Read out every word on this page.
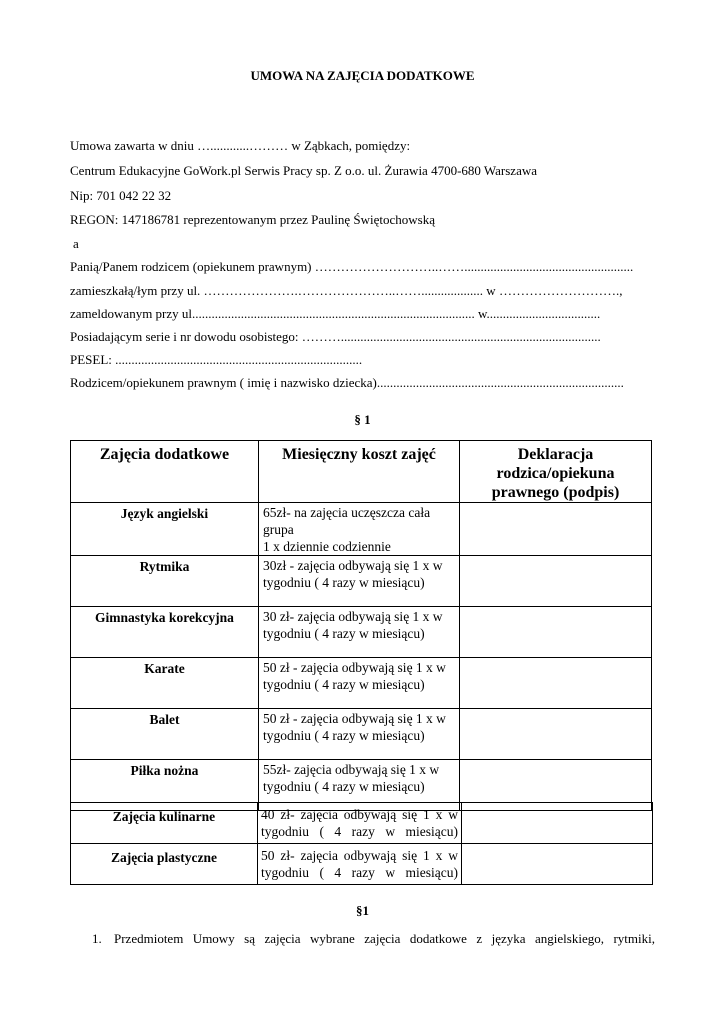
UMOWA NA ZAJĘCIA DODATKOWE
Umowa zawarta w dniu …............……… w Ząbkach, pomiędzy:
Centrum Edukacyjne GoWork.pl Serwis Pracy sp. Z o.o. ul. Żurawia 4700-680 Warszawa
Nip: 701 042 22 32
REGON: 147186781 reprezentowanym przez Paulinę Świętochowską
a
Panią/Panem rodzicem (opiekunem prawnym) ………………………..……....................................................
zamieszkałą/łym przy ul. ………………….…………………..……................... w ……………………….,
zameldowanym przy ul....................................................................................... w...................................
Posiadającym serie i nr dowodu osobistego: ………................................................................................
PESEL: ............................................................................
Rodzicem/opiekunem prawnym ( imię i nazwisko dziecka)............................................................................
§ 1
Zajęcia dodatkowe	Miesięczny koszt zajęć	Deklaracja rodzica/opiekuna prawnego (podpis)
Język angielski	65zł- na zajęcia uczęszcza cała grupa
1 x dziennie codziennie	
Rytmika	30zł - zajęcia odbywają się 1 x w tygodniu ( 4 razy w miesiącu)	
Gimnastyka korekcyjna	30 zł- zajęcia odbywają się 1 x w tygodniu ( 4 razy w miesiącu)	
Karate	50 zł - zajęcia odbywają się 1 x w tygodniu ( 4 razy w miesiącu)	
Balet	50 zł - zajęcia odbywają się 1 x w tygodniu ( 4 razy w miesiącu)	
Piłka nożna	55zł- zajęcia odbywają się 1 x w tygodniu ( 4 razy w miesiącu)	
Zajęcia kulinarne	40 zł- zajęcia odbywają się 1 x w tygodniu ( 4 razy w miesiącu)	
Zajęcia plastyczne	50 zł- zajęcia odbywają się 1 x w tygodniu ( 4 razy w miesiącu)	
§1
1. Przedmiotem Umowy są zajęcia wybrane zajęcia dodatkowe z języka angielskiego, rytmiki,
